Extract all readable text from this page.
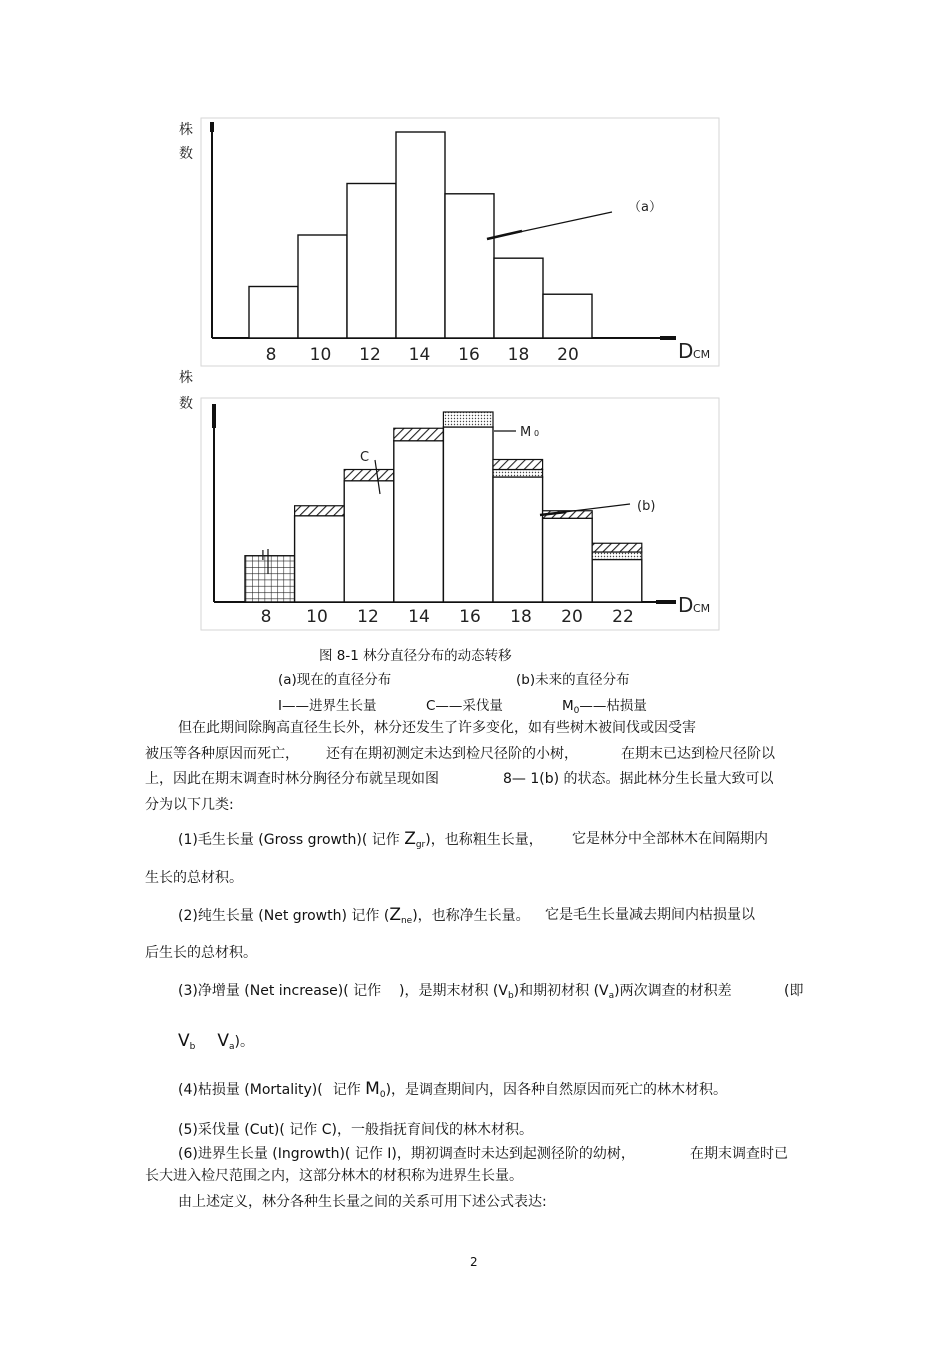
8 10 12 14 16 18 20
株
数
D CM
（a）
8 10 12 14 16 18 20 22
株
数
D CM
M 0
C
I
(b)
图 8-1 林分直径分布的动态转移
(a)现在的直径分布	(b)未来的直径分布
I——进界生长量	C——采伐量	$M_0——$枯损量
但在此期间除胸高直径生长外，林分还发生了许多变化，如有些树木被间伐或因受害
被压等各种原因而死亡， 还有在期初测定未达到检尺径阶的小树，	在期末已达到检尺径阶以
上，因此在期末调查时林分胸径分布就呈现如图	8— 1(b) 的状态。据此林分生长量大致可以
分为以下几类:
(1)毛生长量 (Gross growth)( 记作 $Z_{gr}$)，也称粗生长量， 它是林分中全部林木在间隔期内
生长的总材积。
(2)纯生长量 (Net growth) 记作 $(Z_{ne})$，也称净生长量。 它是毛生长量减去期间内枯损量以
后生长的总材积。
(3)净增量 (Net increase)( 记作 )，是期末材积 $(V_b)$和期初材积 $(V_a)$两次调查的材积差	(即
$V_b$ $V_a$)。
(4)枯损量 (Mortality)( 记作 $M_0$)，是调查期间内，因各种自然原因而死亡的林木材积。
(5)采伐量 (Cut)( 记作 C)，一般指抚育间伐的林木材积。
(6)进界生长量 (Ingrowth)( 记作 I)，期初调查时未达到起测径阶的幼树，	在期末调查时已
长大进入检尺范围之内，这部分林木的材积称为进界生长量。
由上述定义，林分各种生长量之间的关系可用下述公式表达:
2
